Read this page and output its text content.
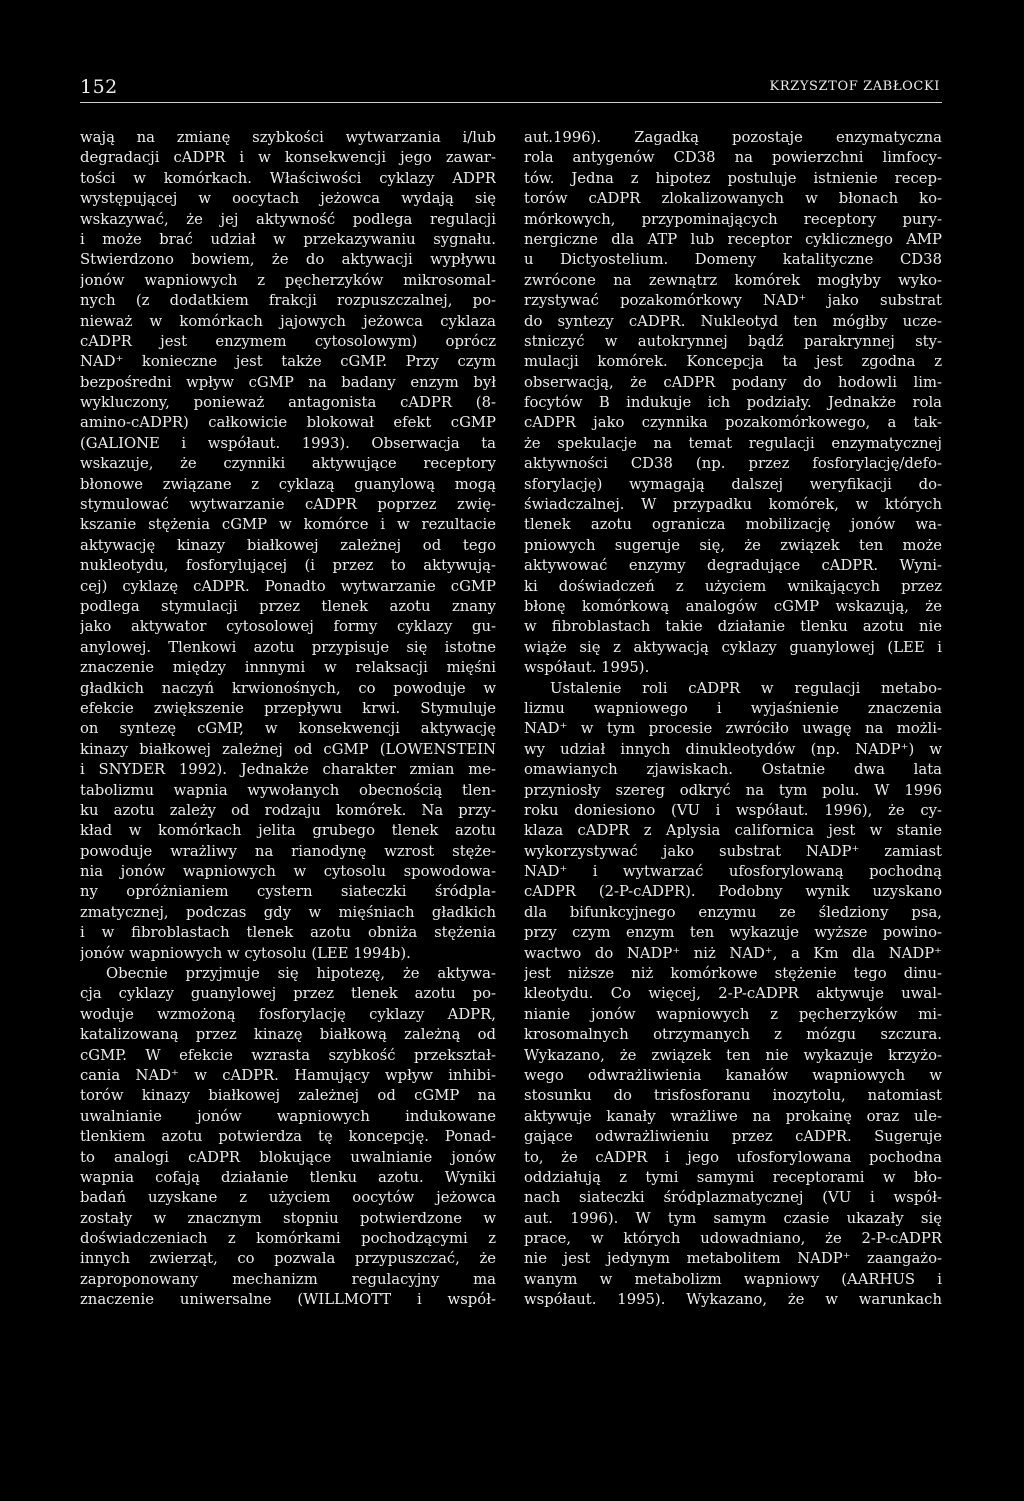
152	KRZYSZTOF ZABŁOCKI
wają na zmianę szybkości wytwarzania i/lub
degradacji cADPR i w konsekwencji jego zawar-
tości w komórkach. Właściwości cyklazy ADPR
występującej w oocytach jeżowca wydają się
wskazywać, że jej aktywność podlega regulacji
i może brać udział w przekazywaniu sygnału.
Stwierdzono bowiem, że do aktywacji wypływu
jonów wapniowych z pęcherzyków mikrosomal-
nych (z dodatkiem frakcji rozpuszczalnej, po-
nieważ w komórkach jajowych jeżowca cyklaza
cADPR jest enzymem cytosolowym) oprócz
NAD⁺ konieczne jest także cGMP. Przy czym
bezpośredni wpływ cGMP na badany enzym był
wykluczony, ponieważ antagonista cADPR (8-
amino-cADPR) całkowicie blokował efekt cGMP
(GALIONE i współaut. 1993). Obserwacja ta
wskazuje, że czynniki aktywujące receptory
błonowe związane z cyklazą guanylową mogą
stymulować wytwarzanie cADPR poprzez zwię-
kszanie stężenia cGMP w komórce i w rezultacie
aktywację kinazy białkowej zależnej od tego
nukleotydu, fosforylującej (i przez to aktywują-
cej) cyklazę cADPR. Ponadto wytwarzanie cGMP
podlega stymulacji przez tlenek azotu znany
jako aktywator cytosolowej formy cyklazy gu-
anylowej. Tlenkowi azotu przypisuje się istotne
znaczenie między innnymi w relaksacji mięśni
gładkich naczyń krwionośnych, co powoduje w
efekcie zwiększenie przepływu krwi. Stymuluje
on syntezę cGMP, w konsekwencji aktywację
kinazy białkowej zależnej od cGMP (LOWENSTEIN
i SNYDER 1992). Jednakże charakter zmian me-
tabolizmu wapnia wywołanych obecnością tlen-
ku azotu zależy od rodzaju komórek. Na przy-
kład w komórkach jelita grubego tlenek azotu
powoduje wrażliwy na rianodynę wzrost stęże-
nia jonów wapniowych w cytosolu spowodowa-
ny opróżnianiem cystern siateczki śródpla-
zmatycznej, podczas gdy w mięśniach gładkich
i w fibroblastach tlenek azotu obniża stężenia
jonów wapniowych w cytosolu (LEE 1994b).
Obecnie przyjmuje się hipotezę, że aktywa-
cja cyklazy guanylowej przez tlenek azotu po-
woduje wzmożoną fosforylację cyklazy ADPR,
katalizowaną przez kinazę białkową zależną od
cGMP. W efekcie wzrasta szybkość przekształ-
cania NAD⁺ w cADPR. Hamujący wpływ inhibi-
torów kinazy białkowej zależnej od cGMP na
uwalnianie jonów wapniowych indukowane
tlenkiem azotu potwierdza tę koncepcję. Ponad-
to analogi cADPR blokujące uwalnianie jonów
wapnia cofają działanie tlenku azotu. Wyniki
badań uzyskane z użyciem oocytów jeżowca
zostały w znacznym stopniu potwierdzone w
doświadczeniach z komórkami pochodzącymi z
innych zwierząt, co pozwala przypuszczać, że
zaproponowany mechanizm regulacyjny ma
znaczenie uniwersalne (WILLMOTT i współ-
aut.1996). Zagadką pozostaje enzymatyczna
rola antygenów CD38 na powierzchni limfocy-
tów. Jedna z hipotez postuluje istnienie recep-
torów cADPR zlokalizowanych w błonach ko-
mórkowych, przypominających receptory pury-
nergiczne dla ATP lub receptor cyklicznego AMP
u Dictyostelium. Domeny katalityczne CD38
zwrócone na zewnątrz komórek mogłyby wyko-
rzystywać pozakomórkowy NAD⁺ jako substrat
do syntezy cADPR. Nukleotyd ten mógłby ucze-
stniczyć w autokrynnej bądź parakrynnej sty-
mulacji komórek. Koncepcja ta jest zgodna z
obserwacją, że cADPR podany do hodowli lim-
focytów B indukuje ich podziały. Jednakże rola
cADPR jako czynnika pozakomórkowego, a tak-
że spekulacje na temat regulacji enzymatycznej
aktywności CD38 (np. przez fosforylację/defo-
sforylację) wymagają dalszej weryfikacji do-
świadczalnej. W przypadku komórek, w których
tlenek azotu ogranicza mobilizację jonów wa-
pniowych sugeruje się, że związek ten może
aktywować enzymy degradujące cADPR. Wyni-
ki doświadczeń z użyciem wnikających przez
błonę komórkową analogów cGMP wskazują, że
w fibroblastach takie działanie tlenku azotu nie
wiąże się z aktywacją cyklazy guanylowej (LEE i
współaut. 1995).
Ustalenie roli cADPR w regulacji metabo-
lizmu wapniowego i wyjaśnienie znaczenia
NAD⁺ w tym procesie zwróciło uwagę na możli-
wy udział innych dinukleotydów (np. NADP⁺) w
omawianych zjawiskach. Ostatnie dwa lata
przyniosły szereg odkryć na tym polu. W 1996
roku doniesiono (VU i współaut. 1996), że cy-
klaza cADPR z Aplysia californica jest w stanie
wykorzystywać jako substrat NADP⁺ zamiast
NAD⁺ i wytwarzać ufosforylowaną pochodną
cADPR (2-P-cADPR). Podobny wynik uzyskano
dla bifunkcyjnego enzymu ze śledziony psa,
przy czym enzym ten wykazuje wyższe powino-
wactwo do NADP⁺ niż NAD⁺, a Km dla NADP⁺
jest niższe niż komórkowe stężenie tego dinu-
kleotydu. Co więcej, 2-P-cADPR aktywuje uwal-
nianie jonów wapniowych z pęcherzyków mi-
krosomalnych otrzymanych z mózgu szczura.
Wykazano, że związek ten nie wykazuje krzyżo-
wego odwrażliwienia kanałów wapniowych w
stosunku do trisfosforanu inozytolu, natomiast
aktywuje kanały wrażliwe na prokainę oraz ule-
gające odwrażliwieniu przez cADPR. Sugeruje
to, że cADPR i jego ufosforylowana pochodna
oddziałują z tymi samymi receptorami w bło-
nach siateczki śródplazmatycznej (VU i współ-
aut. 1996). W tym samym czasie ukazały się
prace, w których udowadniano, że 2-P-cADPR
nie jest jedynym metabolitem NADP⁺ zaangażo-
wanym w metabolizm wapniowy (AARHUS i
współaut. 1995). Wykazano, że w warunkach
